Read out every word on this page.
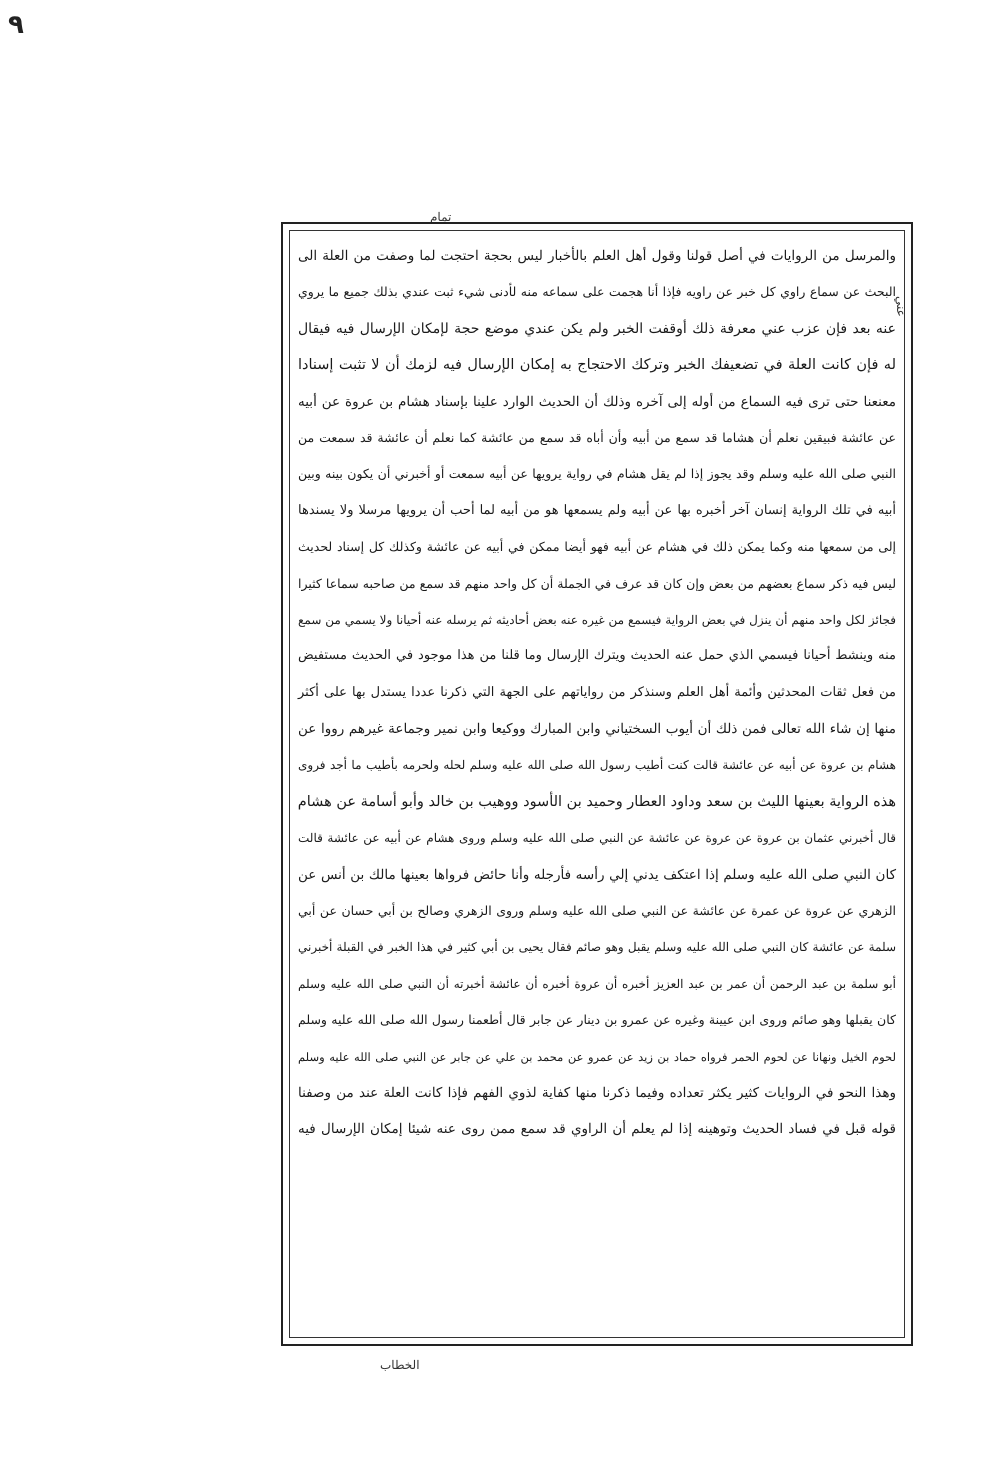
٩
تمام
عني
والمرسل من الروايات في أصل قولنا وقول أهل العلم بالأخبار ليس بحجة احتجت لما وصفت من العلة الى
البحث عن سماع راوي كل خبر عن راويه فإذا أنا هجمت على سماعه منه لأدنى شيء ثبت عندي بذلك جميع ما يروي
عنه بعد فإن عزب عني معرفة ذلك أوقفت الخبر ولم يكن عندي موضع حجة لإمكان الإرسال فيه فيقال
له فإن كانت العلة في تضعيفك الخبر وتركك الاحتجاج به إمكان الإرسال فيه لزمك أن لا تثبت إسنادا
معنعنا حتى ترى فيه السماع من أوله إلى آخره وذلك أن الحديث الوارد علينا بإسناد هشام بن عروة عن أبيه
عن عائشة فبيقين نعلم أن هشاما قد سمع من أبيه وأن أباه قد سمع من عائشة كما نعلم أن عائشة قد سمعت من
النبي صلى الله عليه وسلم وقد يجوز إذا لم يقل هشام في رواية يرويها عن أبيه سمعت أو أخبرني أن يكون بينه وبين
أبيه في تلك الرواية إنسان آخر أخبره بها عن أبيه ولم يسمعها هو من أبيه لما أحب أن يرويها مرسلا ولا يسندها
إلى من سمعها منه وكما يمكن ذلك في هشام عن أبيه فهو أيضا ممكن في أبيه عن عائشة وكذلك كل إسناد لحديث
ليس فيه ذكر سماع بعضهم من بعض وإن كان قد عرف في الجملة أن كل واحد منهم قد سمع من صاحبه سماعا كثيرا
فجائز لكل واحد منهم أن ينزل في بعض الرواية فيسمع من غيره عنه بعض أحاديثه ثم يرسله عنه أحيانا ولا يسمي من سمع
منه وينشط أحيانا فيسمي الذي حمل عنه الحديث ويترك الإرسال وما قلنا من هذا موجود في الحديث مستفيض
من فعل ثقات المحدثين وأئمة أهل العلم وسنذكر من رواياتهم على الجهة التي ذكرنا عددا يستدل بها على أكثر
منها إن شاء الله تعالى فمن ذلك أن أيوب السختياني وابن المبارك ووكيعا وابن نمير وجماعة غيرهم رووا عن
هشام بن عروة عن أبيه عن عائشة قالت كنت أطيب رسول الله صلى الله عليه وسلم لحله ولحرمه بأطيب ما أجد فروى
هذه الرواية بعينها الليث بن سعد وداود العطار وحميد بن الأسود ووهيب بن خالد وأبو أسامة عن هشام
قال أخبرني عثمان بن عروة عن عروة عن عائشة عن النبي صلى الله عليه وسلم وروى هشام عن أبيه عن عائشة قالت
كان النبي صلى الله عليه وسلم إذا اعتكف يدني إلي رأسه فأرجله وأنا حائض فرواها بعينها مالك بن أنس عن
الزهري عن عروة عن عمرة عن عائشة عن النبي صلى الله عليه وسلم وروى الزهري وصالح بن أبي حسان عن أبي
سلمة عن عائشة كان النبي صلى الله عليه وسلم يقبل وهو صائم فقال يحيى بن أبي كثير في هذا الخبر في القبلة أخبرني
أبو سلمة بن عبد الرحمن أن عمر بن عبد العزيز أخبره أن عروة أخبره أن عائشة أخبرته أن النبي صلى الله عليه وسلم
كان يقبلها وهو صائم وروى ابن عيينة وغيره عن عمرو بن دينار عن جابر قال أطعمنا رسول الله صلى الله عليه وسلم
لحوم الخيل ونهانا عن لحوم الحمر فرواه حماد بن زيد عن عمرو عن محمد بن علي عن جابر عن النبي صلى الله عليه وسلم
وهذا النحو في الروايات كثير يكثر تعداده وفيما ذكرنا منها كفاية لذوي الفهم فإذا كانت العلة عند من وصفنا
قوله قبل في فساد الحديث وتوهينه إذا لم يعلم أن الراوي قد سمع ممن روى عنه شيئا إمكان الإرسال فيه
الخطاب
